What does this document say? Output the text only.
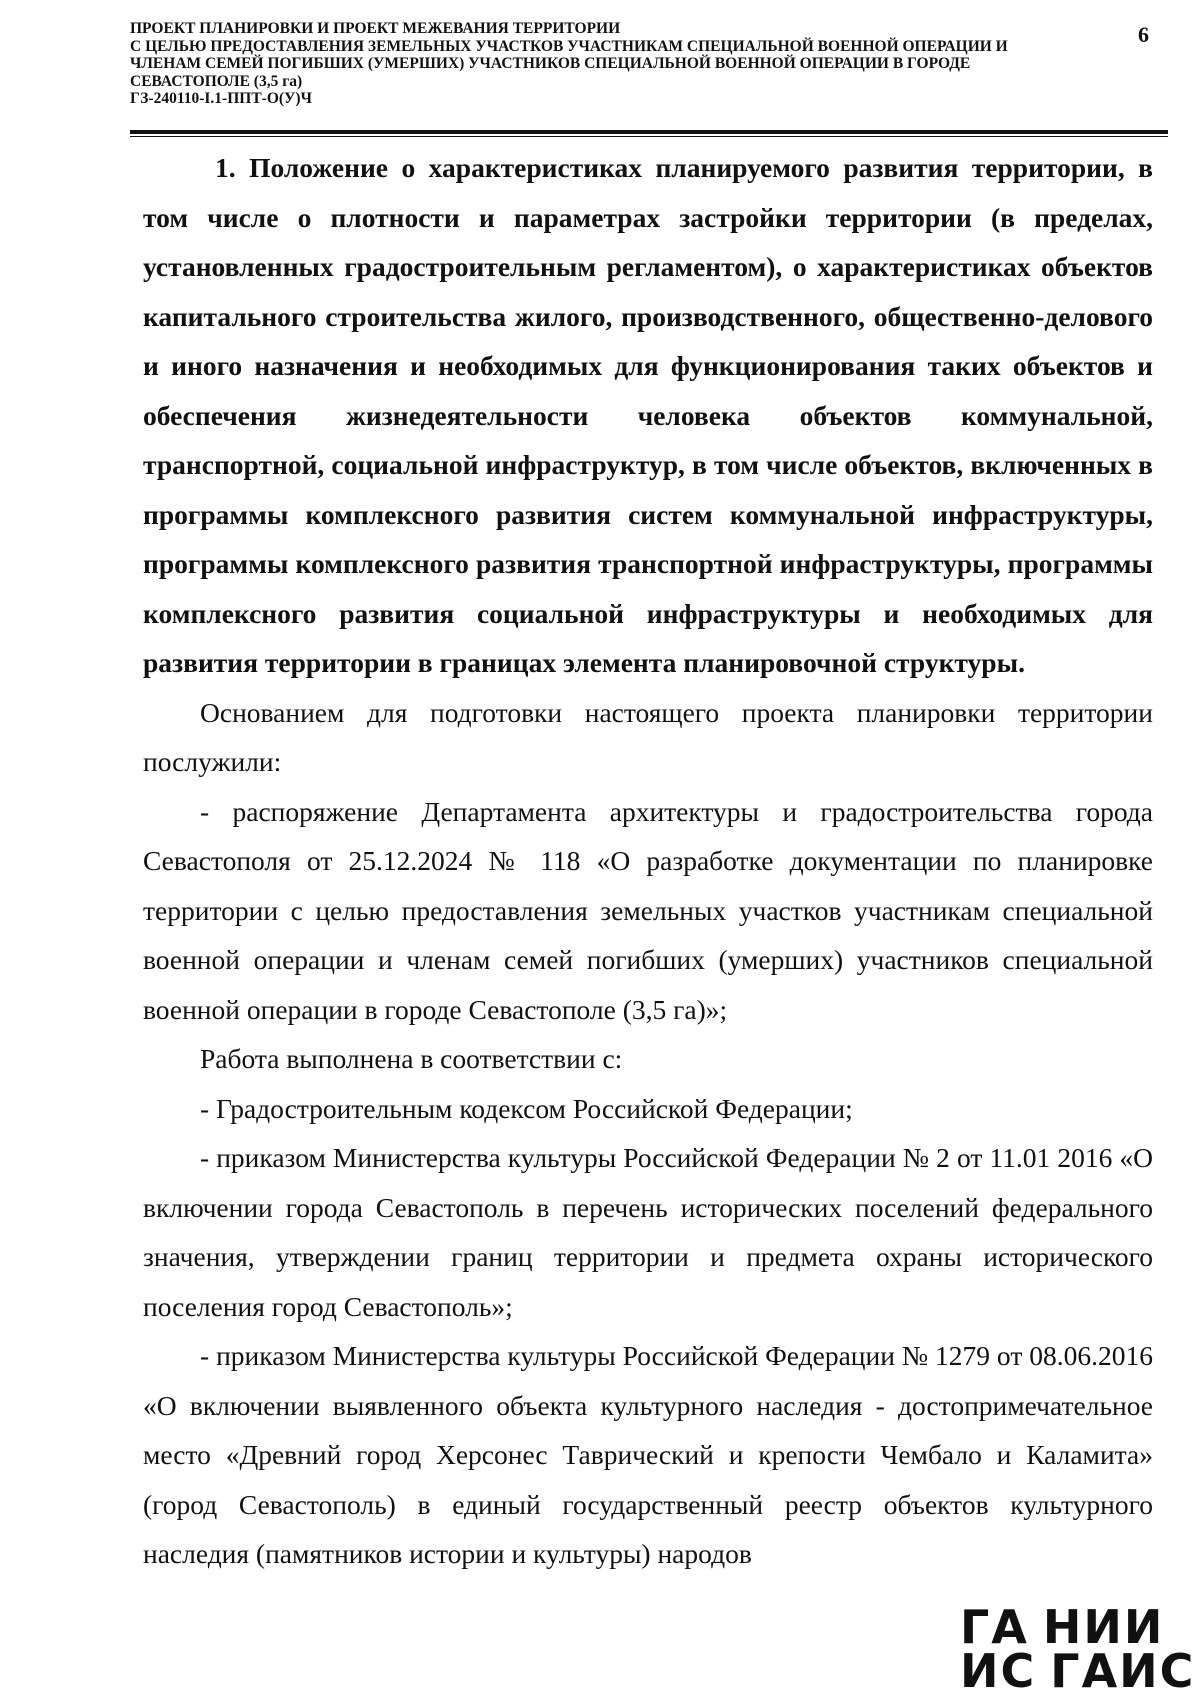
ПРОЕКТ ПЛАНИРОВКИ И ПРОЕКТ МЕЖЕВАНИЯ ТЕРРИТОРИИ
С ЦЕЛЬЮ ПРЕДОСТАВЛЕНИЯ ЗЕМЕЛЬНЫХ УЧАСТКОВ УЧАСТНИКАМ СПЕЦИАЛЬНОЙ ВОЕННОЙ ОПЕРАЦИИ И
ЧЛЕНАМ СЕМЕЙ ПОГИБШИХ (УМЕРШИХ) УЧАСТНИКОВ СПЕЦИАЛЬНОЙ ВОЕННОЙ ОПЕРАЦИИ В ГОРОДЕ
СЕВАСТОПОЛЕ (3,5 га)
ГЗ-240110-I.1-ППТ-О(У)Ч
6

1. Положение о характеристиках планируемого развития территории, в том числе о плотности и параметрах застройки территории (в пределах, установленных градостроительным регламентом), о характеристиках объектов капитального строительства жилого, производственного, общественно-делового и иного назначения и необходимых для функционирования таких объектов и обеспечения жизнедеятельности человека объектов коммунальной, транспортной, социальной инфраструктур, в том числе объектов, включенных в программы комплексного развития систем коммунальной инфраструктуры, программы комплексного развития транспортной инфраструктуры, программы комплексного развития социальной инфраструктуры и необходимых для развития территории в границах элемента планировочной структуры.

Основанием для подготовки настоящего проекта планировки территории послужили:

- распоряжение Департамента архитектуры и градостроительства города Севастополя от 25.12.2024 № 118 «О разработке документации по планировке территории с целью предоставления земельных участков участникам специальной военной операции и членам семей погибших (умерших) участников специальной военной операции в городе Севастополе (3,5 га)»;

Работа выполнена в соответствии с:

- Градостроительным кодексом Российской Федерации;

- приказом Министерства культуры Российской Федерации № 2 от 11.01 2016 «О включении города Севастополь в перечень исторических поселений федерального значения, утверждении границ территории и предмета охраны исторического поселения город Севастополь»;

- приказом Министерства культуры Российской Федерации № 1279 от 08.06.2016 «О включении выявленного объекта культурного наследия - достопримечательное место «Древний город Херсонес Таврический и крепости Чембало и Каламита» (город Севастополь) в единый государственный реестр объектов культурного наследия (памятников истории и культуры) народов

ГА НИИ
ИС ГАИС
